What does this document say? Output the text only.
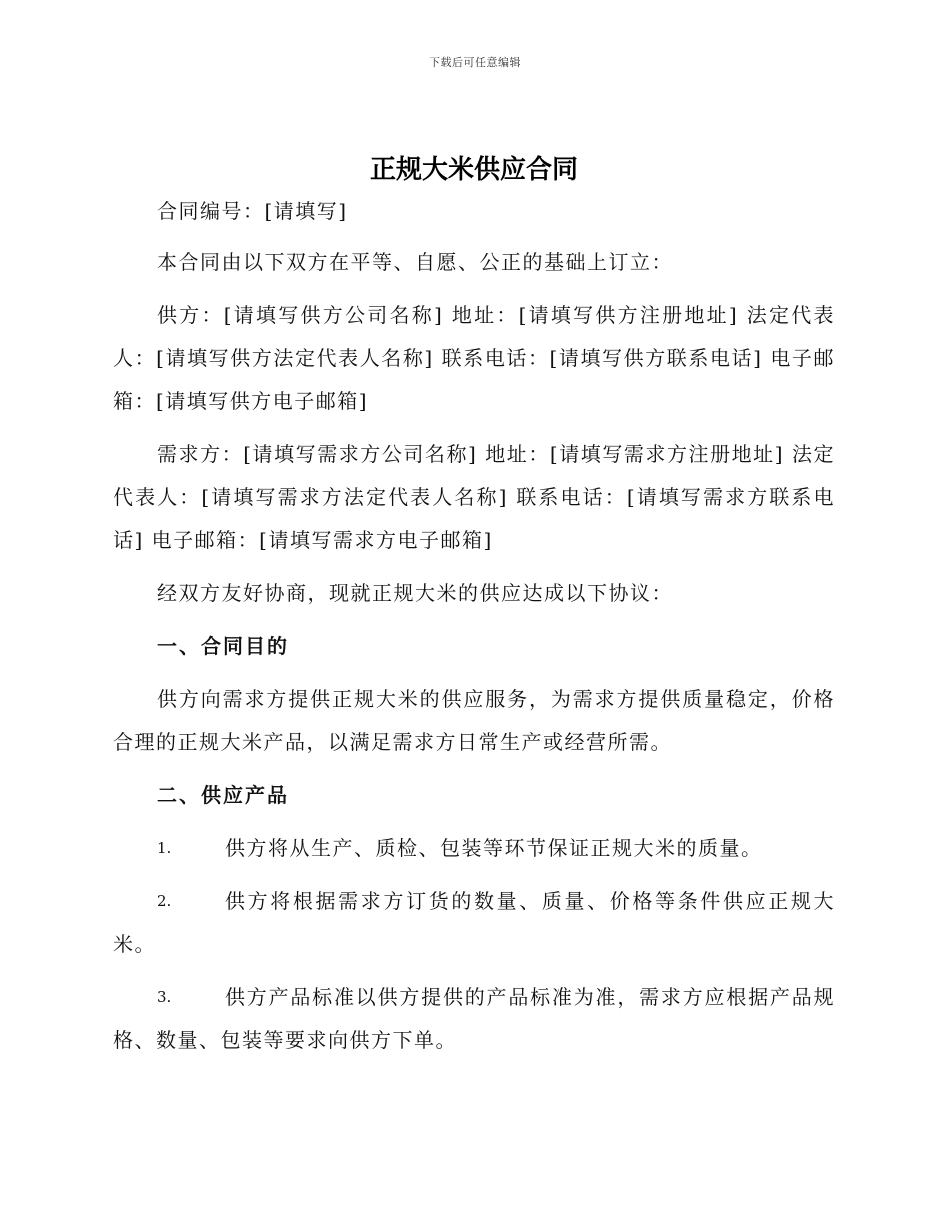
下载后可任意编辑
正规大米供应合同

合同编号：[请填写]

本合同由以下双方在平等、自愿、公正的基础上订立：

供方：[请填写供方公司名称] 地址：[请填写供方注册地址] 法定代表人：[请填写供方法定代表人名称] 联系电话：[请填写供方联系电话] 电子邮箱：[请填写供方电子邮箱]

需求方：[请填写需求方公司名称] 地址：[请填写需求方注册地址] 法定代表人：[请填写需求方法定代表人名称] 联系电话：[请填写需求方联系电话] 电子邮箱：[请填写需求方电子邮箱]

经双方友好协商，现就正规大米的供应达成以下协议：

一、合同目的

供方向需求方提供正规大米的供应服务，为需求方提供质量稳定，价格合理的正规大米产品，以满足需求方日常生产或经营所需。

二、供应产品

1.	供方将从生产、质检、包装等环节保证正规大米的质量。

2.	供方将根据需求方订货的数量、质量、价格等条件供应正规大米。

3.	供方产品标准以供方提供的产品标准为准，需求方应根据产品规格、数量、包装等要求向供方下单。
